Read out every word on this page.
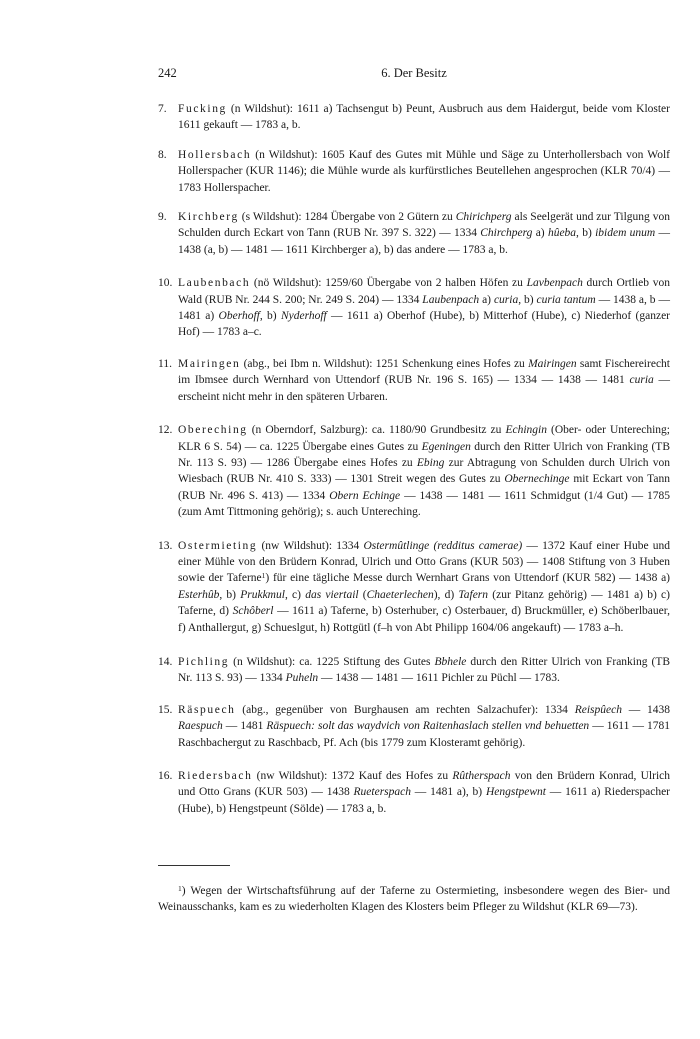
242	6. Der Besitz
7. Fucking (n Wildshut): 1611 a) Tachsengut b) Peunt, Ausbruch aus dem Haidergut, beide vom Kloster 1611 gekauft — 1783 a, b.
8. Hollersbach (n Wildshut): 1605 Kauf des Gutes mit Mühle und Säge zu Unterhollersbach von Wolf Hollerspacher (KUR 1146); die Mühle wurde als kurfürstliches Beutellehen angesprochen (KLR 70/4) — 1783 Hollerspacher.
9. Kirchberg (s Wildshut): 1284 Übergabe von 2 Gütern zu Chirichperg als Seelgerät und zur Tilgung von Schulden durch Eckart von Tann (RUB Nr. 397 S. 322) — 1334 Chirchperg a) hûeba, b) ibidem unum — 1438 (a, b) — 1481 — 1611 Kirchberger a), b) das andere — 1783 a, b.
10. Laubenbach (nö Wildshut): 1259/60 Übergabe von 2 halben Höfen zu Lavbenpach durch Ortlieb von Wald (RUB Nr. 244 S. 200; Nr. 249 S. 204) — 1334 Laubenpach a) curia, b) curia tantum — 1438 a, b — 1481 a) Oberhoff, b) Nyderhoff — 1611 a) Oberhof (Hube), b) Mitterhof (Hube), c) Niederhof (ganzer Hof) — 1783 a–c.
11. Mairingen (abg., bei Ibm n. Wildshut): 1251 Schenkung eines Hofes zu Mairingen samt Fischereirecht im Ibmsee durch Wernhard von Uttendorf (RUB Nr. 196 S. 165) — 1334 — 1438 — 1481 curia — erscheint nicht mehr in den späteren Urbaren.
12. Obereching (n Oberndorf, Salzburg): ca. 1180/90 Grundbesitz zu Echingin (Ober- oder Untereching; KLR 6 S. 54) — ca. 1225 Übergabe eines Gutes zu Egeningen durch den Ritter Ulrich von Franking (TB Nr. 113 S. 93) — 1286 Übergabe eines Hofes zu Ebing zur Abtragung von Schulden durch Ulrich von Wiesbach (RUB Nr. 410 S. 333) — 1301 Streit wegen des Gutes zu Obernechinge mit Eckart von Tann (RUB Nr. 496 S. 413) — 1334 Obern Echinge — 1438 — 1481 — 1611 Schmidgut (1/4 Gut) — 1785 (zum Amt Tittmoning gehörig); s. auch Untereching.
13. Ostermieting (nw Wildshut): 1334 Ostermûtlinge (redditus camerae) — 1372 Kauf einer Hube und einer Mühle von den Brüdern Konrad, Ulrich und Otto Grans (KUR 503) — 1408 Stiftung von 3 Huben sowie der Taferne$^1$) für eine tägliche Messe durch Wernhart Grans von Uttendorf (KUR 582) — 1438 a) Esterhûb, b) Prukkmul, c) das viertail (Chaeterlechen), d) Tafern (zur Pitanz gehörig) — 1481 a) b) c) Taferne, d) Schôberl — 1611 a) Taferne, b) Osterhuber, c) Osterbauer, d) Bruckmüller, e) Schöberlbauer, f) Anthallergut, g) Schueslgut, h) Rottgütl (f–h von Abt Philipp 1604/06 angekauft) — 1783 a–h.
14. Pichling (n Wildshut): ca. 1225 Stiftung des Gutes Bbhele durch den Ritter Ulrich von Franking (TB Nr. 113 S. 93) — 1334 Puheln — 1438 — 1481 — 1611 Pichler zu Püchl — 1783.
15. Räspuech (abg., gegenüber von Burghausen am rechten Salzachufer): 1334 Reispûech — 1438 Raespuch — 1481 Räspuech: solt das waydvich von Raitenhaslach stellen vnd behuetten — 1611 — 1781 Raschbachergut zu Raschbacb, Pf. Ach (bis 1779 zum Klosteramt gehörig).
16. Riedersbach (nw Wildshut): 1372 Kauf des Hofes zu Rûtherspach von den Brüdern Konrad, Ulrich und Otto Grans (KUR 503) — 1438 Rueterspach — 1481 a), b) Hengstpewnt — 1611 a) Riederspacher (Hube), b) Hengstpeunt (Sölde) — 1783 a, b.
$^1$) Wegen der Wirtschaftsführung auf der Taferne zu Ostermieting, insbesondere wegen des Bier- und Weinausschanks, kam es zu wiederholten Klagen des Klosters beim Pfleger zu Wildshut (KLR 69—73).
